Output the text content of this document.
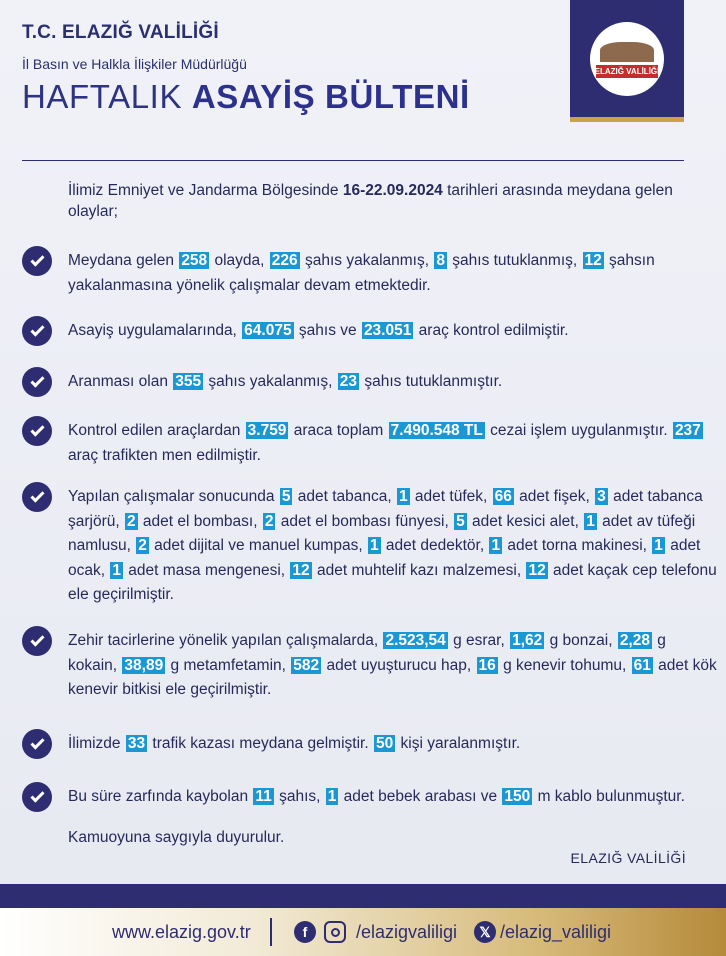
T.C. ELAZIĞ VALİLİĞİ
İl Basın ve Halkla İlişkiler Müdürlüğü
HAFTALIK ASAYİŞ BÜLTENİ
ELAZIĞ VALİLİĞİ
İlimiz Emniyet ve Jandarma Bölgesinde 16-22.09.2024 tarihleri arasında meydana gelen olaylar;
Meydana gelen 258 olayda, 226 şahıs yakalanmış, 8 şahıs tutuklanmış, 12 şahsın yakalanmasına yönelik çalışmalar devam etmektedir.
Asayiş uygulamalarında, 64.075 şahıs ve 23.051 araç kontrol edilmiştir.
Aranması olan 355 şahıs yakalanmış, 23 şahıs tutuklanmıştır.
Kontrol edilen araçlardan 3.759 araca toplam 7.490.548 TL cezai işlem uygulanmıştır. 237 araç trafikten men edilmiştir.
Yapılan çalışmalar sonucunda 5 adet tabanca, 1 adet tüfek, 66 adet fişek, 3 adet tabanca şarjörü, 2 adet el bombası, 2 adet el bombası fünyesi, 5 adet kesici alet, 1 adet av tüfeği namlusu, 2 adet dijital ve manuel kumpas, 1 adet dedektör, 1 adet torna makinesi, 1 adet ocak, 1 adet masa mengenesi, 12 adet muhtelif kazı malzemesi, 12 adet kaçak cep telefonu ele geçirilmiştir.
Zehir tacirlerine yönelik yapılan çalışmalarda, 2.523,54 g esrar, 1,62 g bonzai, 2,28 g kokain, 38,89 g metamfetamin, 582 adet uyuşturucu hap, 16 g kenevir tohumu, 61 adet kök kenevir bitkisi ele geçirilmiştir.
İlimizde 33 trafik kazası meydana gelmiştir. 50 kişi yaralanmıştır.
Bu süre zarfında kaybolan 11 şahıs, 1 adet bebek arabası ve 150 m kablo bulunmuştur.
Kamuoyuna saygıyla duyurulur.
ELAZIĞ VALİLİĞİ
www.elazig.gov.tr	f	/elazigvaliligi	𝕏 /elazig_valiligi
